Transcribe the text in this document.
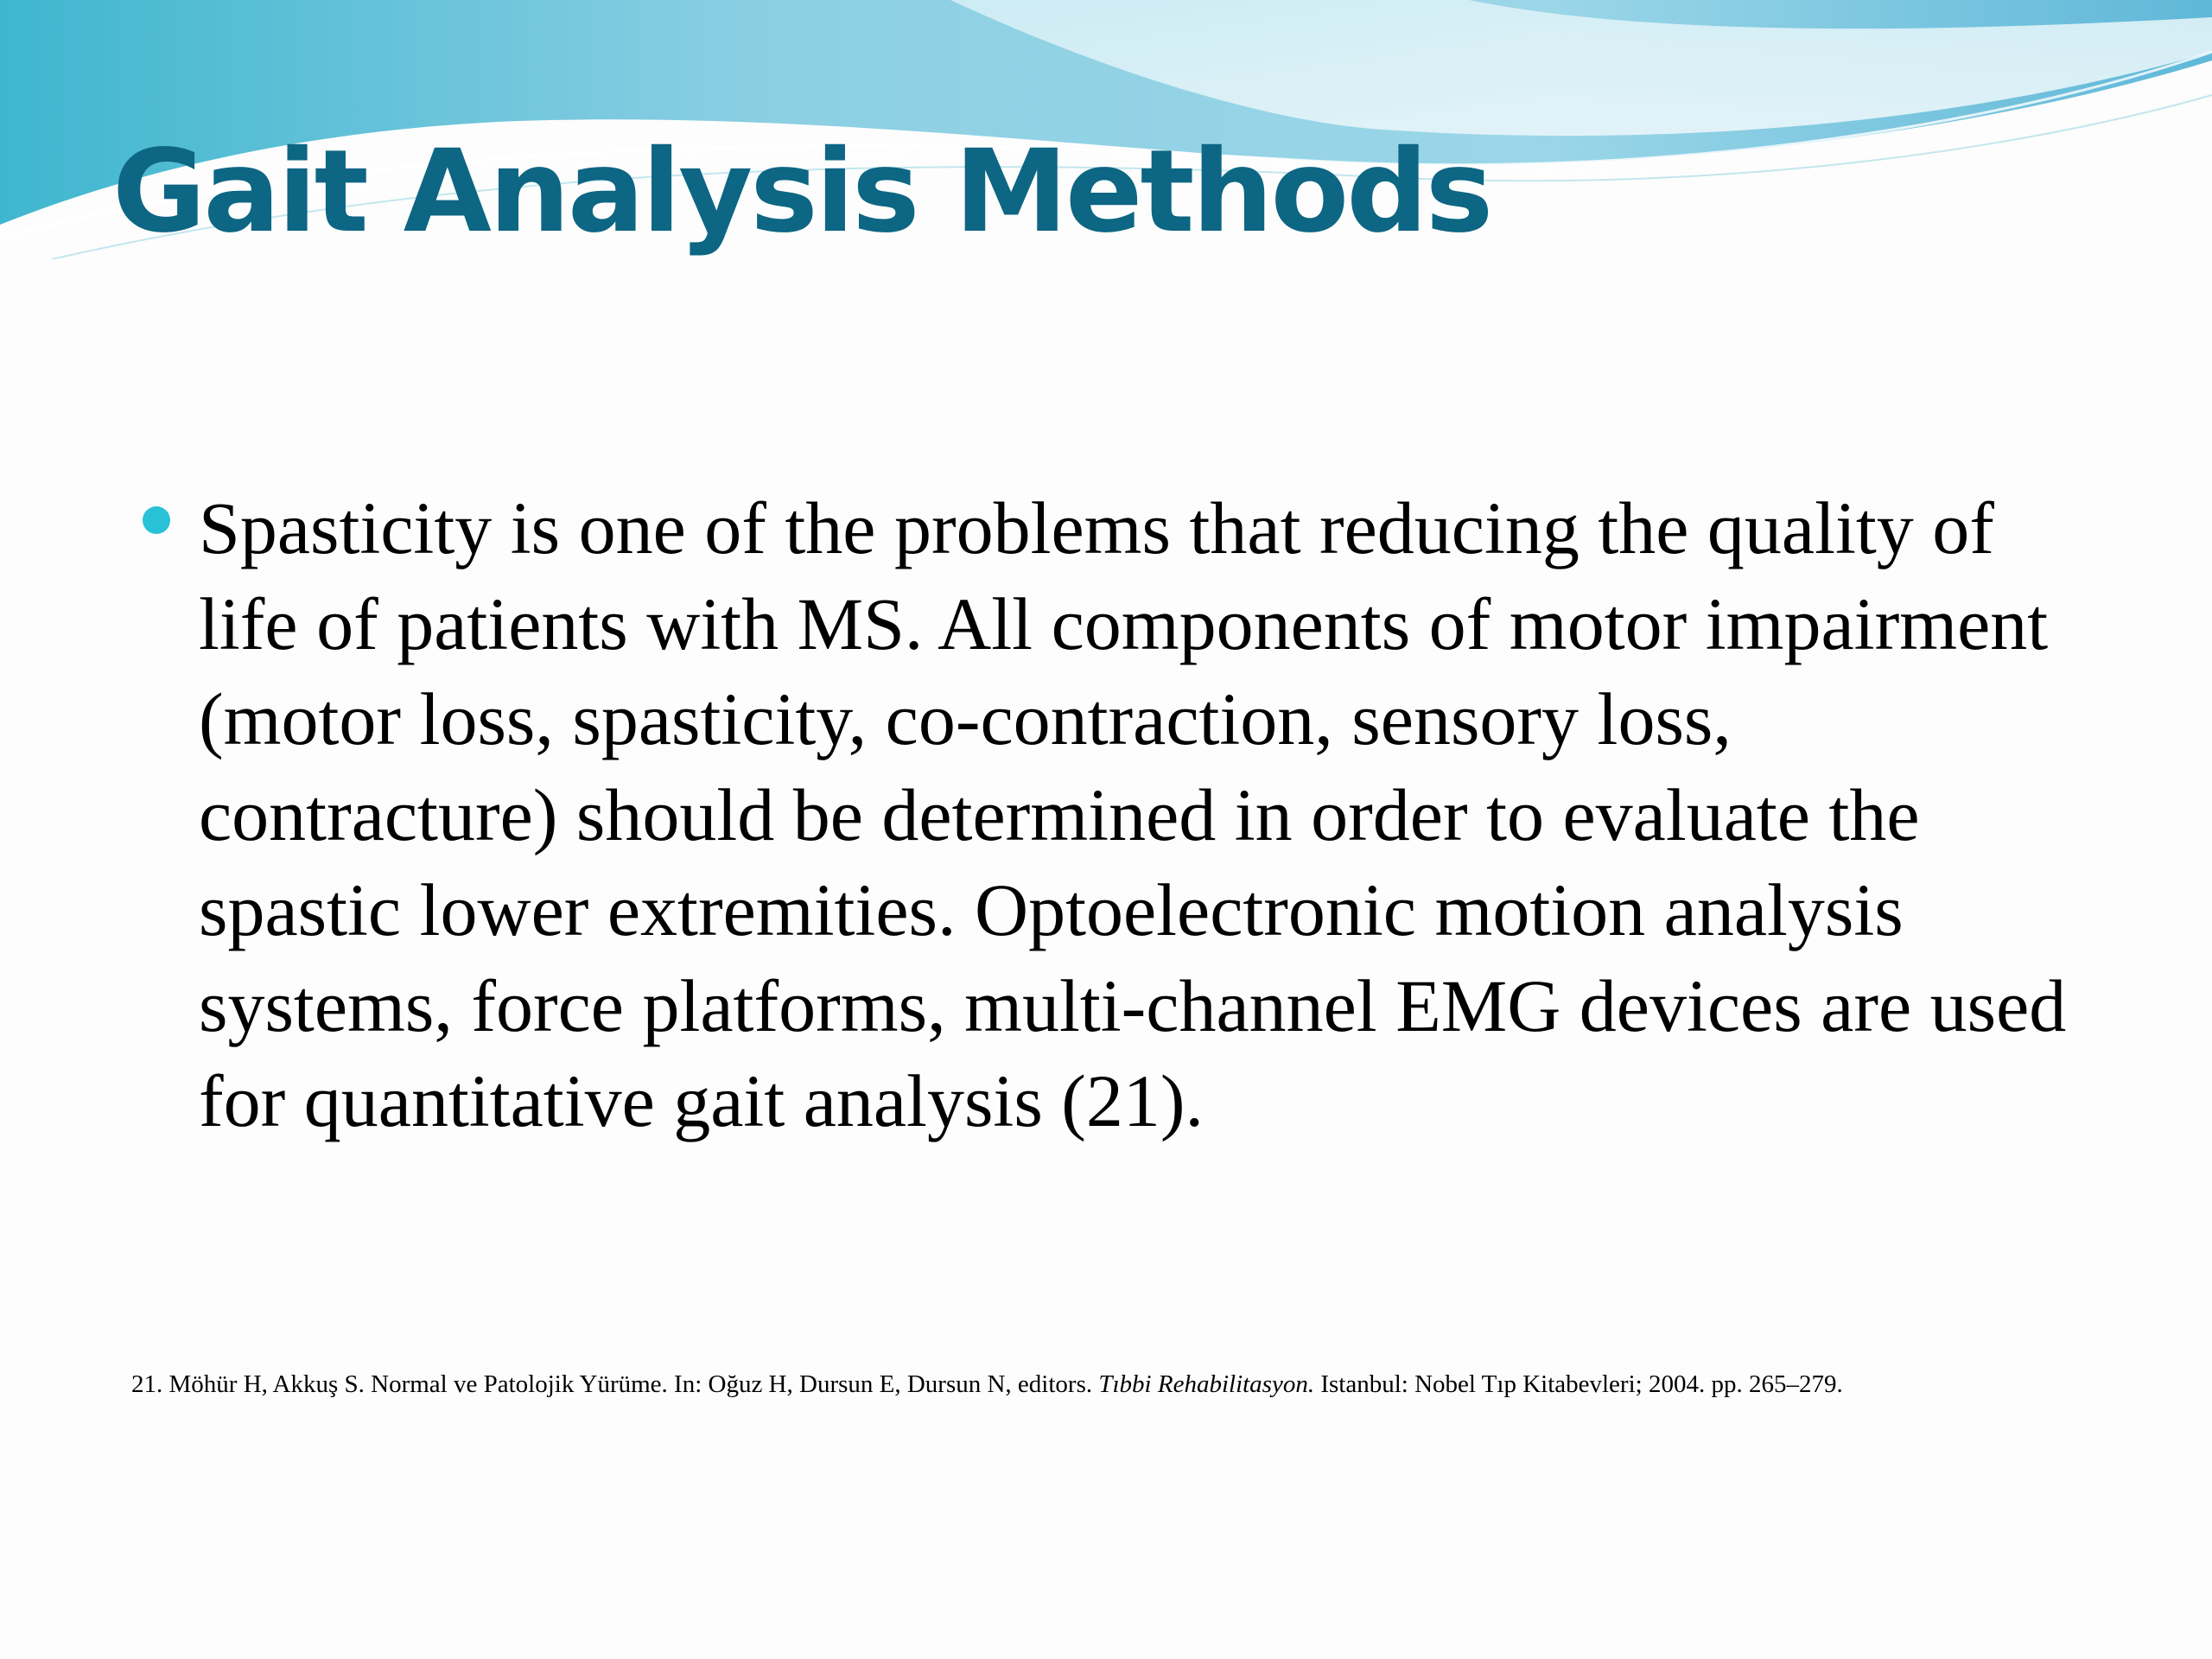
Gait Analysis Methods
Spasticity is one of the problems that reducing the quality of life of patients with MS. All components of motor impairment (motor loss, spasticity, co-contraction, sensory loss, contracture) should be determined in order to evaluate the spastic lower extremities. Optoelectronic motion analysis systems, force platforms, multi-channel EMG devices are used for quantitative gait analysis (21).

21. Möhür H, Akkuş S. Normal ve Patolojik Yürüme. In: Oğuz H, Dursun E, Dursun N, editors. Tıbbi Rehabilitasyon. Istanbul: Nobel Tıp Kitabevleri; 2004. pp. 265–279.
